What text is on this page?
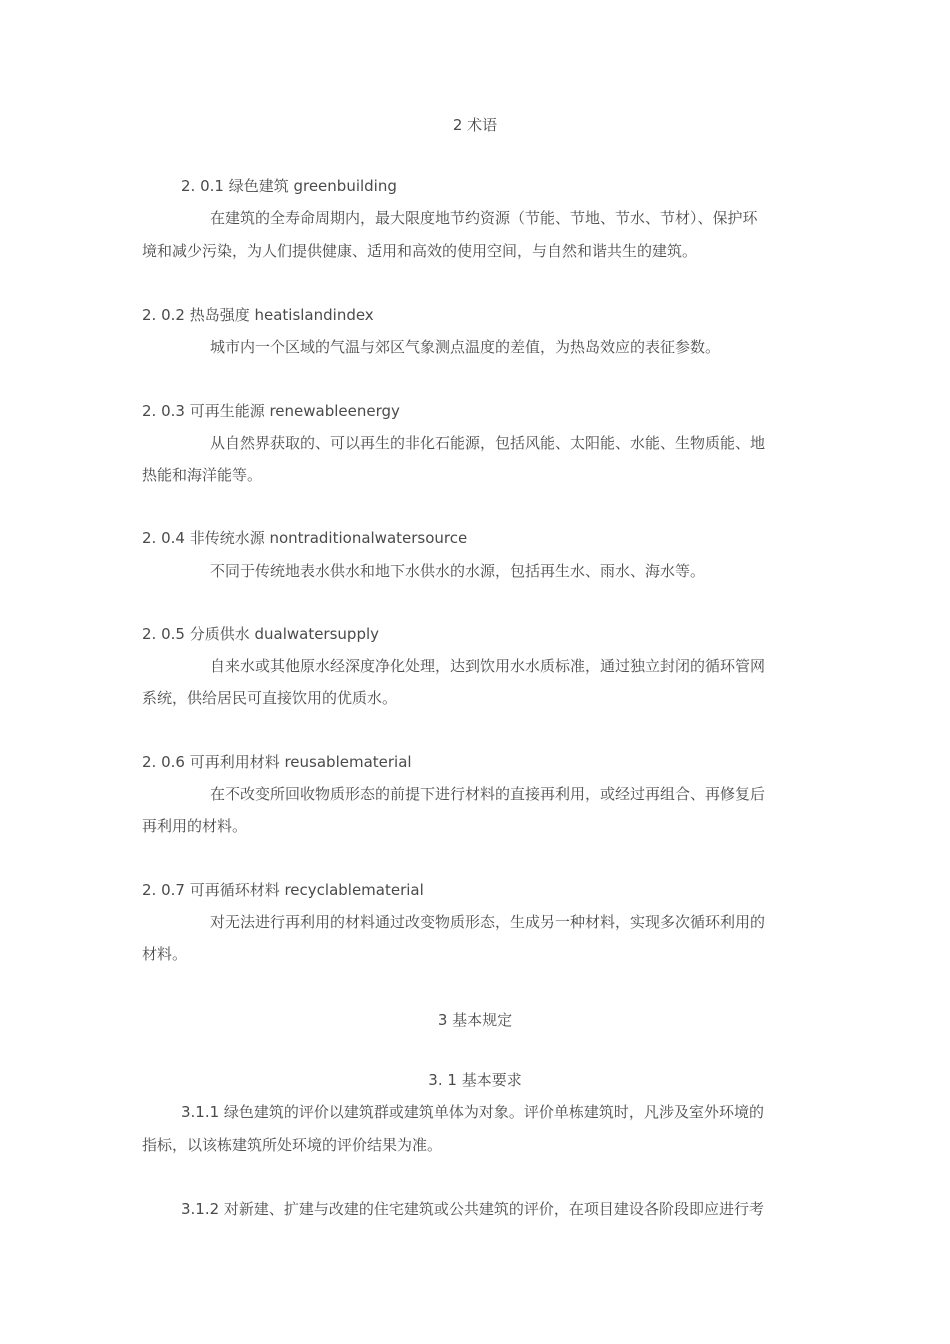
2 术语
2. 0.1 绿色建筑 greenbuilding
在建筑的全寿命周期内，最大限度地节约资源（节能、节地、节水、节材）、保护环
境和减少污染，为人们提供健康、适用和高效的使用空间，与自然和谐共生的建筑。
2. 0.2 热岛强度 heatislandindex
城市内一个区域的气温与郊区气象测点温度的差值，为热岛效应的表征参数。
2. 0.3 可再生能源 renewableenergy
从自然界获取的、可以再生的非化石能源，包括风能、太阳能、水能、生物质能、地
热能和海洋能等。
2. 0.4 非传统水源 nontraditionalwatersource
不同于传统地表水供水和地下水供水的水源，包括再生水、雨水、海水等。
2. 0.5 分质供水 dualwatersupply
自来水或其他原水经深度净化处理，达到饮用水水质标准，通过独立封闭的循环管网
系统，供给居民可直接饮用的优质水。
2. 0.6 可再利用材料 reusablematerial
在不改变所回收物质形态的前提下进行材料的直接再利用，或经过再组合、再修复后
再利用的材料。
2. 0.7 可再循环材料 recyclablematerial
对无法进行再利用的材料通过改变物质形态，生成另一种材料，实现多次循环利用的
材料。
3 基本规定
3. 1 基本要求
3.1.1 绿色建筑的评价以建筑群或建筑单体为对象。评价单栋建筑时，凡涉及室外环境的
指标，以该栋建筑所处环境的评价结果为准。
3.1.2 对新建、扩建与改建的住宅建筑或公共建筑的评价，在项目建设各阶段即应进行考
